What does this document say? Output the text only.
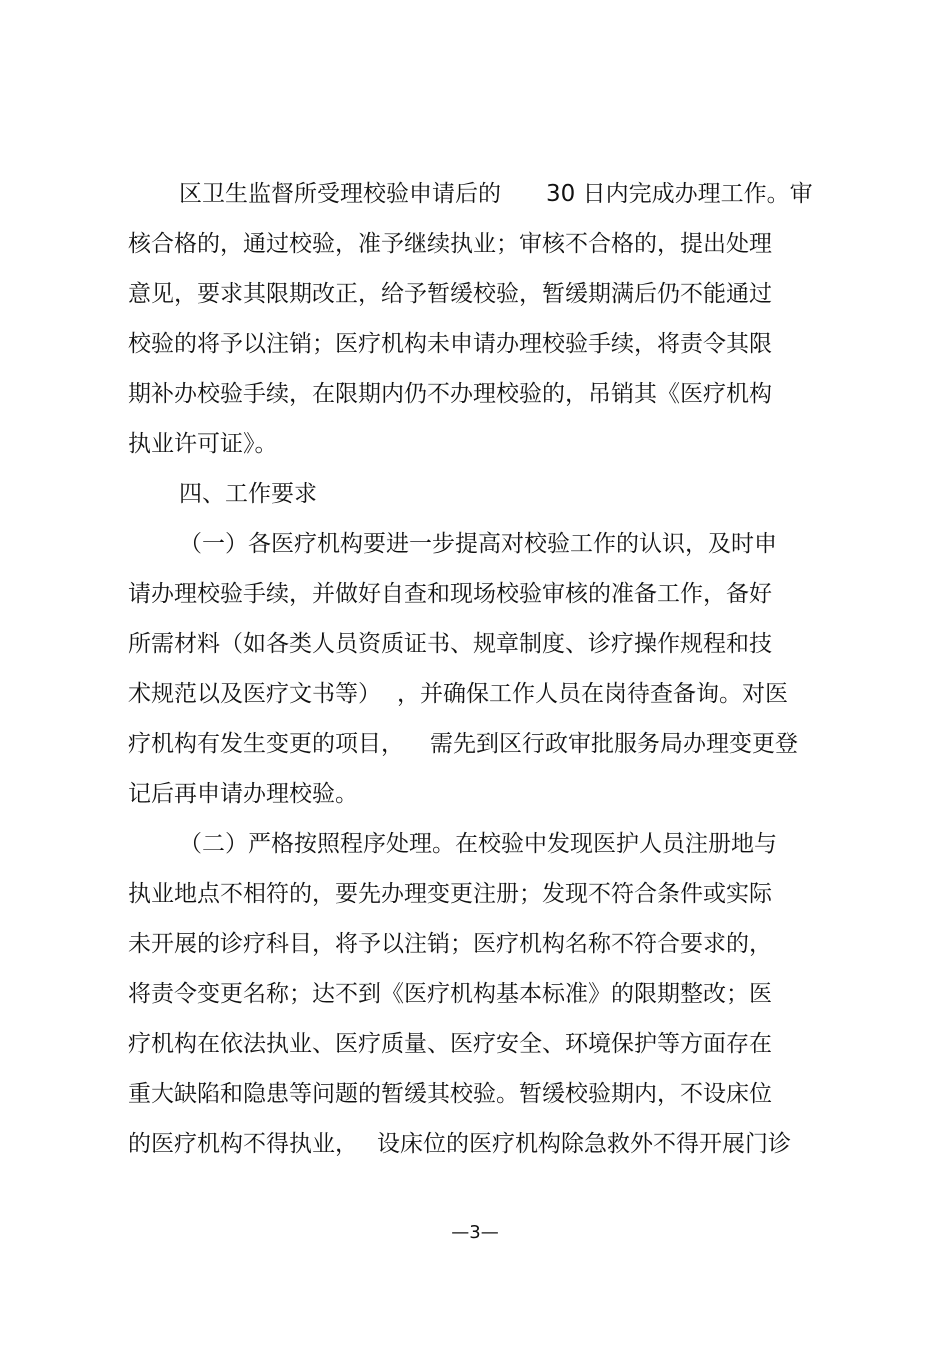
区卫生监督所受理校验申请后的 30 日内完成办理工作。审
核合格的，通过校验，准予继续执业；审核不合格的，提出处理
意见，要求其限期改正，给予暂缓校验，暂缓期满后仍不能通过
校验的将予以注销；医疗机构未申请办理校验手续，将责令其限
期补办校验手续，在限期内仍不办理校验的，吊销其《医疗机构
执业许可证》。
四、工作要求
（一）各医疗机构要进一步提高对校验工作的认识，及时申
请办理校验手续，并做好自查和现场校验审核的准备工作，备好
所需材料（如各类人员资质证书、规章制度、诊疗操作规程和技
术规范以及医疗文书等） ，并确保工作人员在岗待查备询。对医
疗机构有发生变更的项目， 需先到区行政审批服务局办理变更登
记后再申请办理校验。
（二）严格按照程序处理。在校验中发现医护人员注册地与
执业地点不相符的，要先办理变更注册；发现不符合条件或实际
未开展的诊疗科目，将予以注销；医疗机构名称不符合要求的，
将责令变更名称；达不到《医疗机构基本标准》的限期整改；医
疗机构在依法执业、医疗质量、医疗安全、环境保护等方面存在
重大缺陷和隐患等问题的暂缓其校验。暂缓校验期内，不设床位
的医疗机构不得执业， 设床位的医疗机构除急救外不得开展门诊
—3—
